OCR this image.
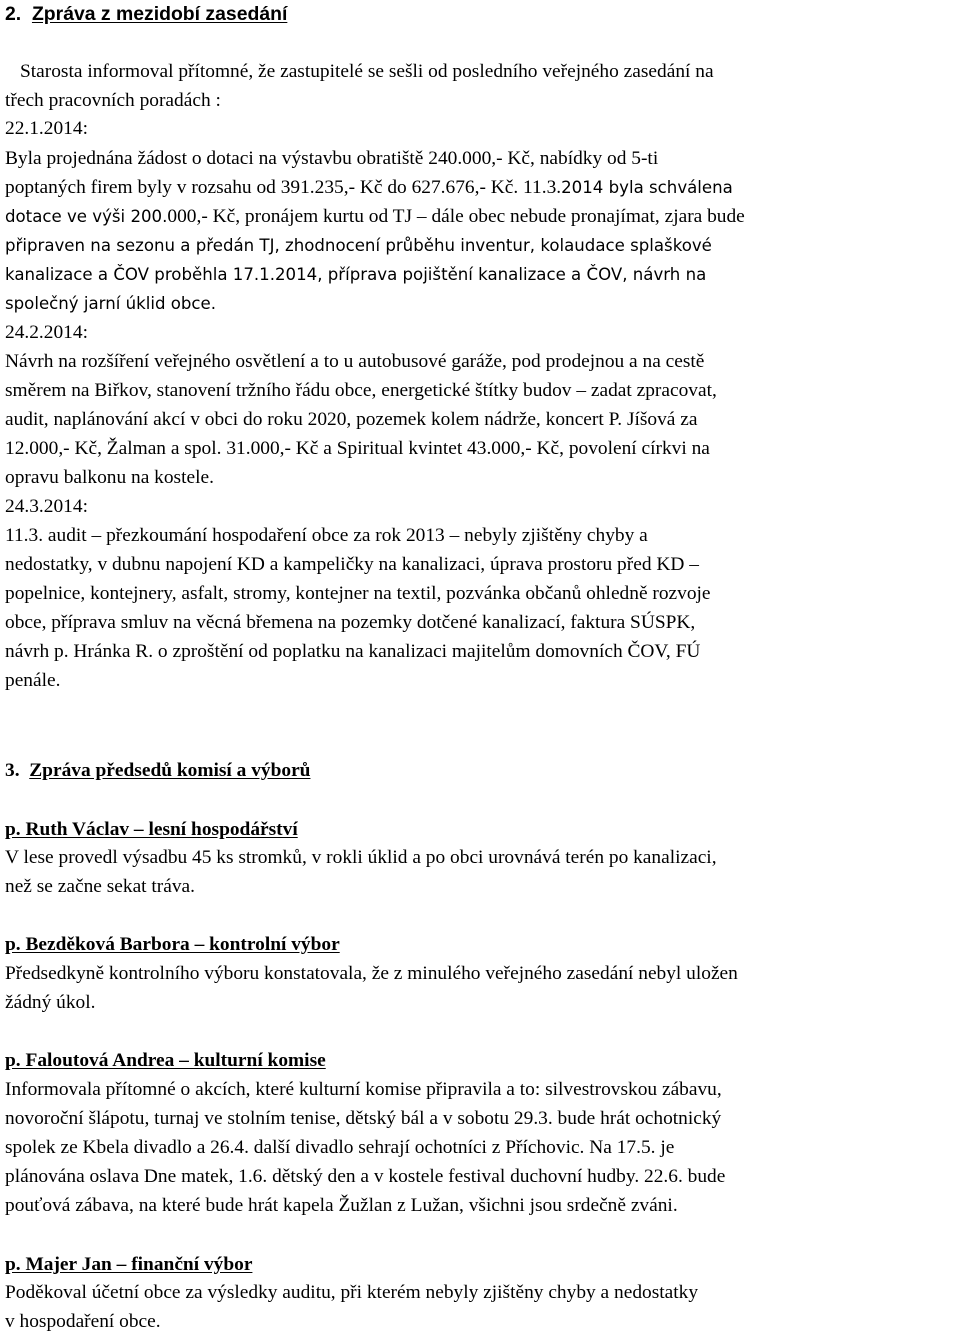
2. Zpráva z mezidobí zasedání
Starosta informoval přítomné, že zastupitelé se sešli od posledního veřejného zasedání na
třech pracovních poradách :
22.1.2014:
Byla projednána žádost o dotaci na výstavbu obratiště 240.000,- Kč, nabídky od 5-ti
poptaných firem byly v rozsahu od 391.235,- Kč do 627.676,- Kč. 11.3.2014 byla schválena
dotace ve výši 200.000,- Kč, pronájem kurtu od TJ – dále obec nebude pronajímat, zjara bude
připraven na sezonu a předán TJ, zhodnocení průběhu inventur, kolaudace splaškové
kanalizace a ČOV proběhla 17.1.2014, příprava pojištění kanalizace a ČOV, návrh na
společný jarní úklid obce.
24.2.2014:
Návrh na rozšíření veřejného osvětlení a to u autobusové garáže, pod prodejnou a na cestě
směrem na Biřkov, stanovení tržního řádu obce, energetické štítky budov – zadat zpracovat,
audit, naplánování akcí v obci do roku 2020, pozemek kolem nádrže, koncert P. Jíšová za
12.000,- Kč, Žalman a spol. 31.000,- Kč a Spiritual kvintet 43.000,- Kč, povolení církvi na
opravu balkonu na kostele.
24.3.2014:
11.3. audit – přezkoumání hospodaření obce za rok 2013 – nebyly zjištěny chyby a
nedostatky, v dubnu napojení KD a kampeličky na kanalizaci, úprava prostoru před KD –
popelnice, kontejnery, asfalt, stromy, kontejner na textil, pozvánka občanů ohledně rozvoje
obce, příprava smluv na věcná břemena na pozemky dotčené kanalizací, faktura SÚSPK,
návrh p. Hránka R. o zproštění od poplatku na kanalizaci majitelům domovních ČOV, FÚ
penále.
3. Zpráva předsedů komisí a výborů
p. Ruth Václav – lesní hospodářství
V lese provedl výsadbu 45 ks stromků, v rokli úklid a po obci urovnává terén po kanalizaci,
než se začne sekat tráva.
p. Bezděková Barbora – kontrolní výbor
Předsedkyně kontrolního výboru konstatovala, že z minulého veřejného zasedání nebyl uložen
žádný úkol.
p. Faloutová Andrea – kulturní komise
Informovala přítomné o akcích, které kulturní komise připravila a to: silvestrovskou zábavu,
novoroční šlápotu, turnaj ve stolním tenise, dětský bál a v sobotu 29.3. bude hrát ochotnický
spolek ze Kbela divadlo a 26.4. další divadlo sehrají ochotníci z Příchovic. Na 17.5. je
plánována oslava Dne matek, 1.6. dětský den a v kostele festival duchovní hudby. 22.6. bude
pouťová zábava, na které bude hrát kapela Žužlan z Lužan, všichni jsou srdečně zváni.
p. Majer Jan – finanční výbor
Poděkoval účetní obce za výsledky auditu, při kterém nebyly zjištěny chyby a nedostatky
v hospodaření obce.
